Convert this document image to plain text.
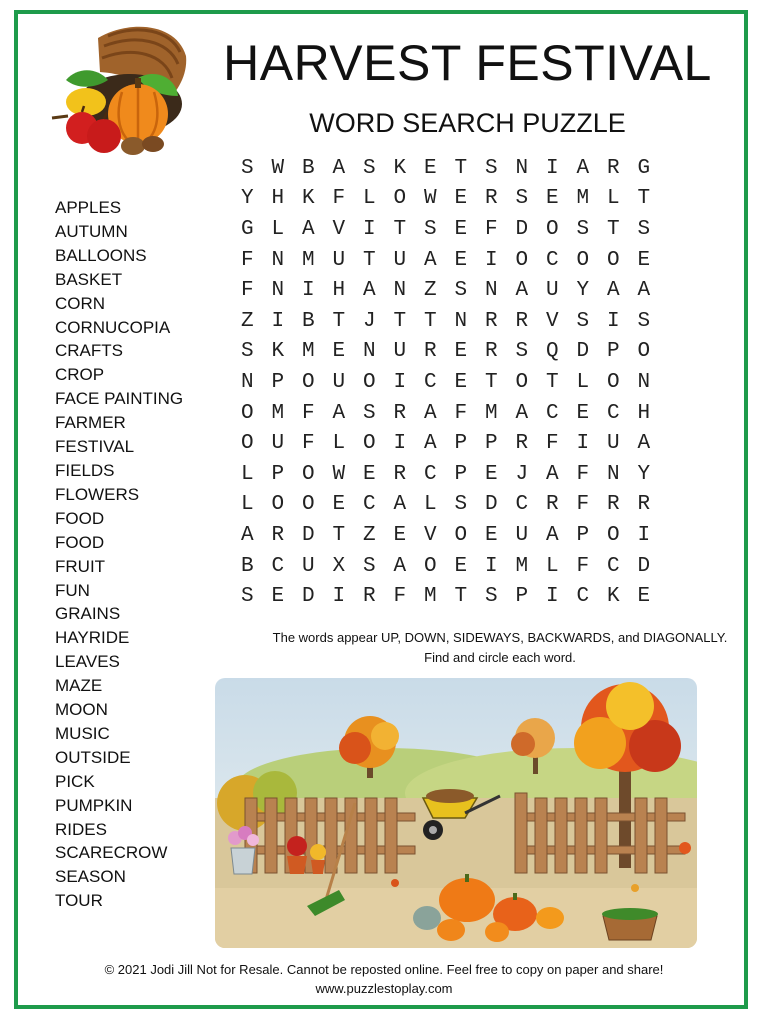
HARVEST FESTIVAL
WORD SEARCH PUZZLE
S W B A S K E T S N I A R G
Y H K F L O W E R S E M L T
G L A V I T S E F D O S T S
F N M U T U A E I O C O O E
F N I H A N Z S N A U Y A A
Z I B T J T T N R R V S I S
S K M E N U R E R S Q D P O
N P O U O I C E T O T L O N
O M F A S R A F M A C E C H
O U F L O I A P P R F I U A
L P O W E R C P E J A F N Y
L O O E C A L S D C R F R R
A R D T Z E V O E U A P O I
B C U X S A O E I M L F C D
S E D I R F M T S P I C K E
APPLES
AUTUMN
BALLOONS
BASKET
CORN
CORNUCOPIA
CRAFTS
CROP
FACE PAINTING
FARMER
FESTIVAL
FIELDS
FLOWERS
FOOD
FOOD
FRUIT
FUN
GRAINS
HAYRIDE
LEAVES
MAZE
MOON
MUSIC
OUTSIDE
PICK
PUMPKIN
RIDES
SCARECROW
SEASON
TOUR
The words appear UP, DOWN, SIDEWAYS, BACKWARDS, and DIAGONALLY.
Find and circle each word.
© 2021 Jodi Jill Not for Resale. Cannot be reposted online. Feel free to copy on paper and share!
www.puzzlestoplay.com
